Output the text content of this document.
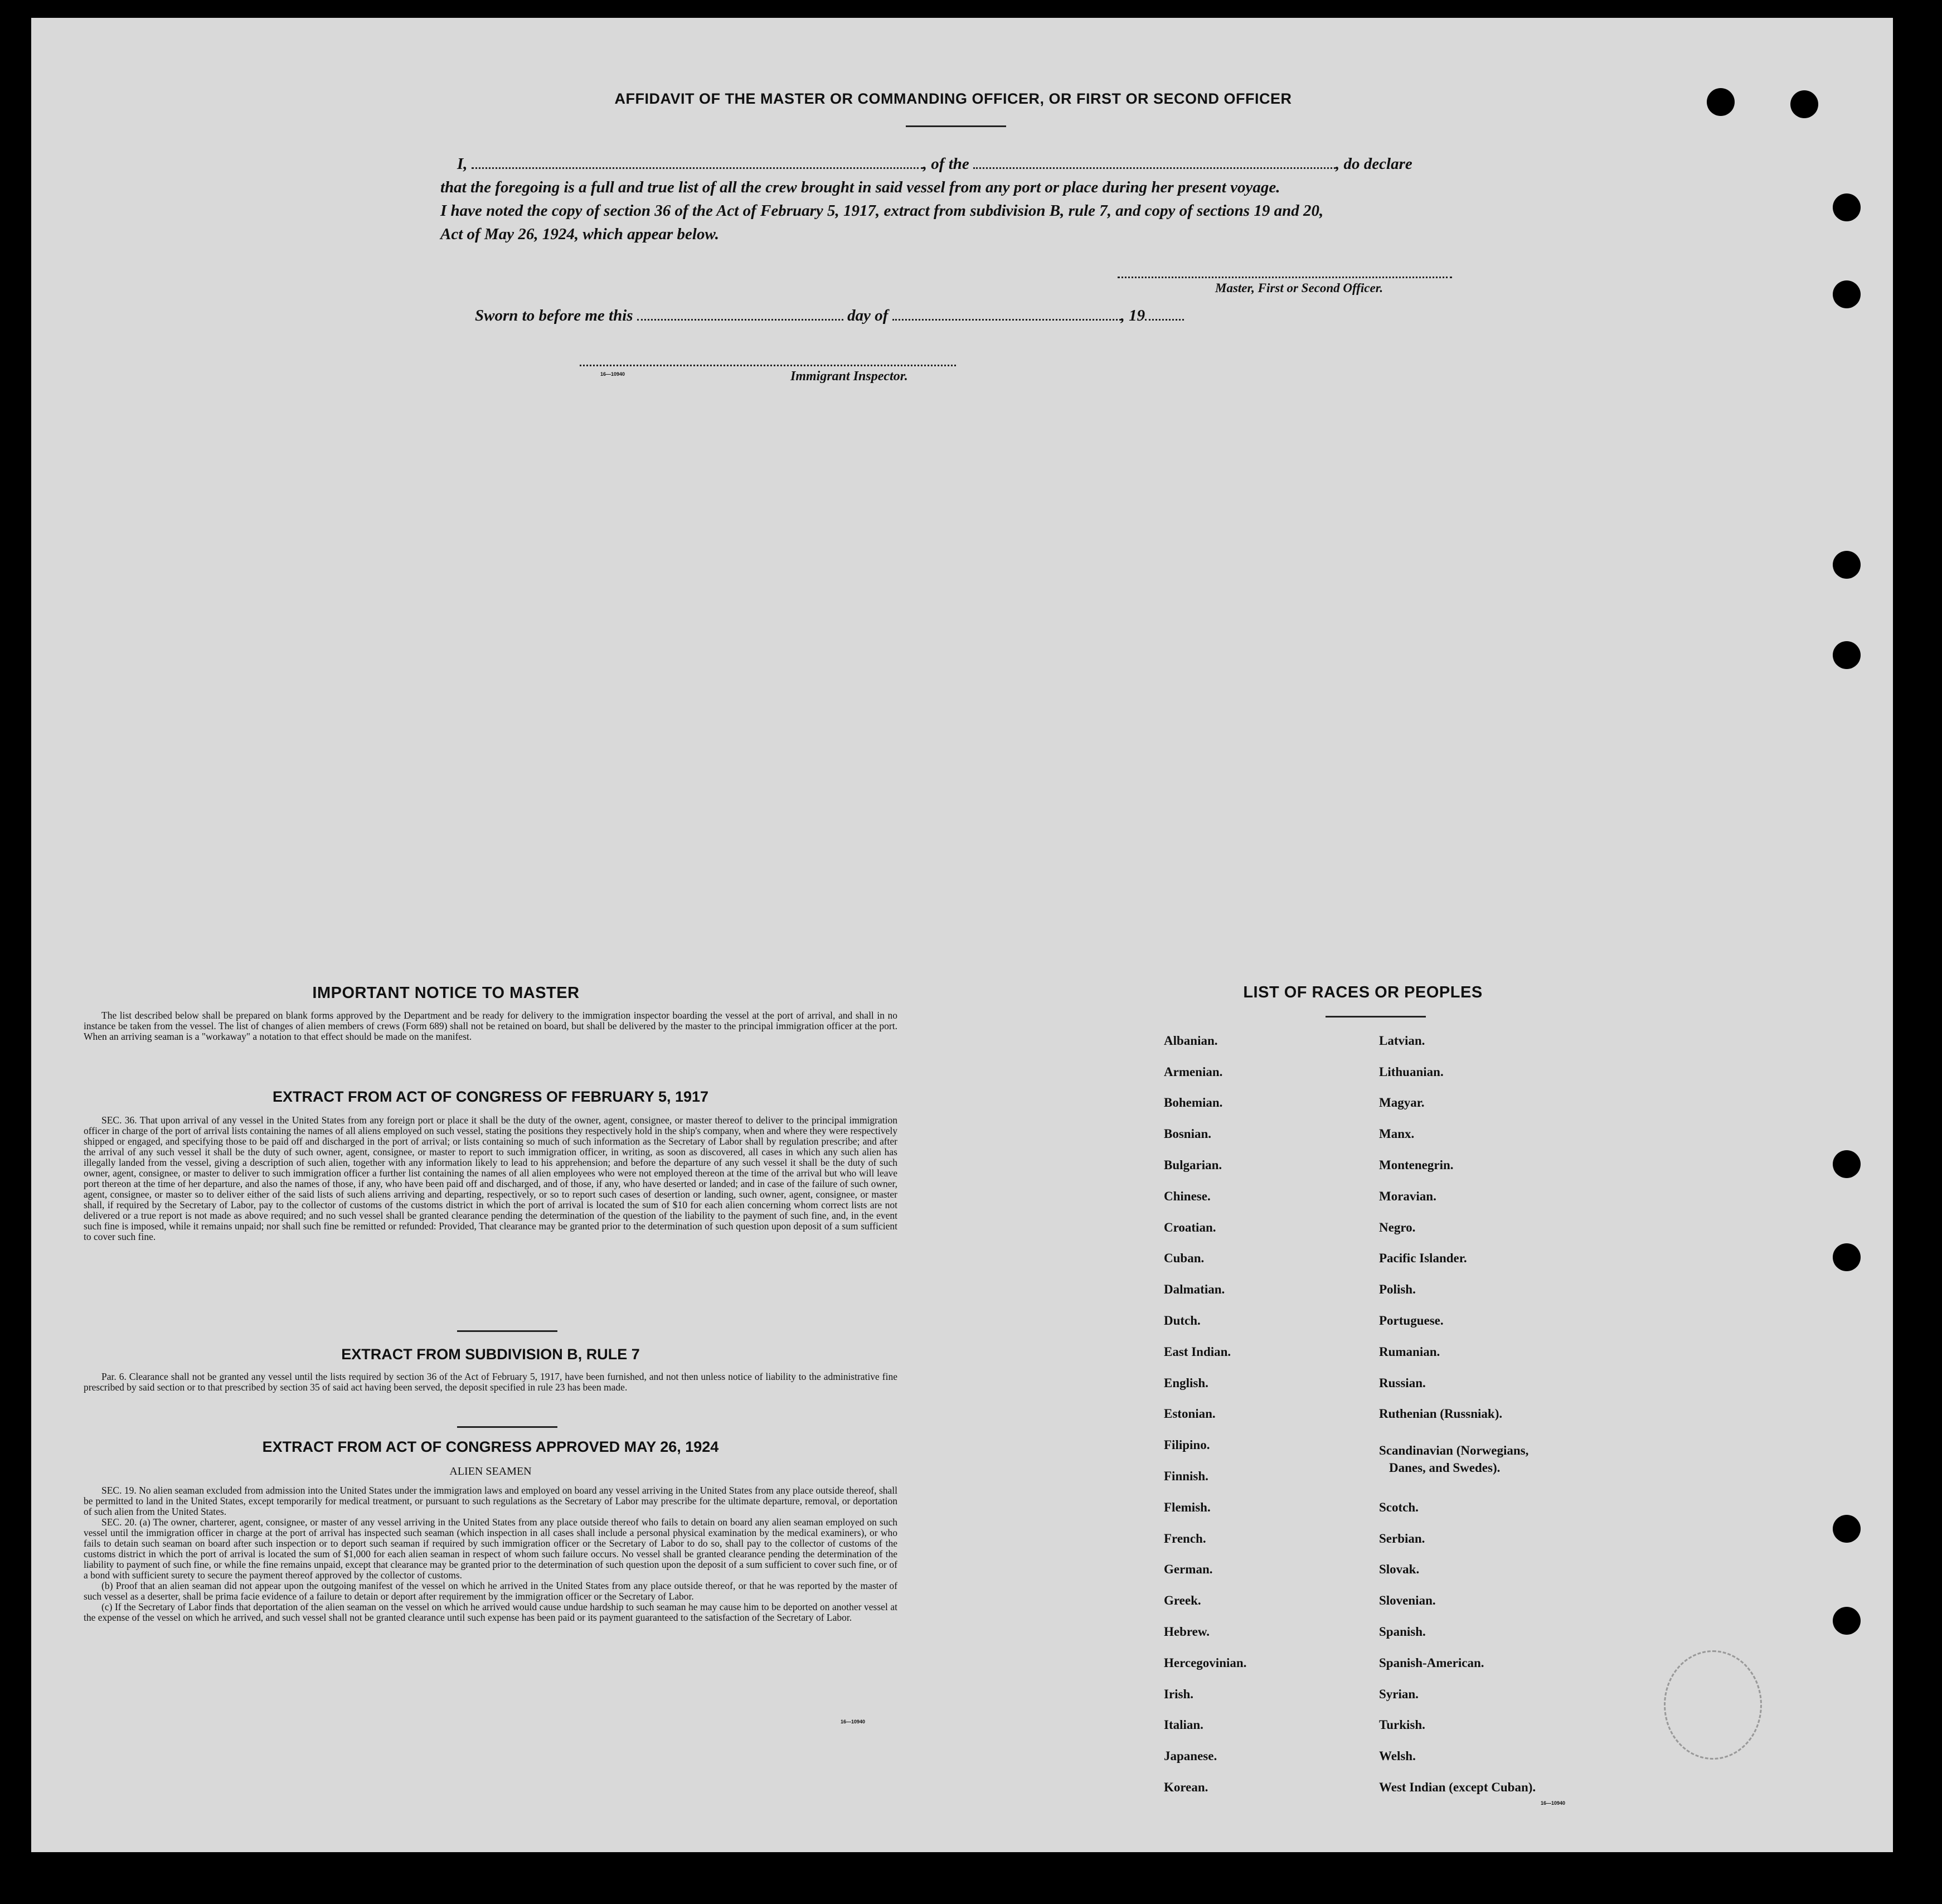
AFFIDAVIT OF THE MASTER OR COMMANDING OFFICER, OR FIRST OR SECOND OFFICER
I,	, of the	, do declare
that the foregoing is a full and true list of all the crew brought in said vessel from any port or place during her present voyage.
I have noted the copy of section 36 of the Act of February 5, 1917, extract from subdivision B, rule 7, and copy of sections 19 and 20,
Act of May 26, 1924, which appear below.
Master, First or Second Officer.
Sworn to before me this	day of	, 19
16—10940	Immigrant Inspector.
IMPORTANT NOTICE TO MASTER
The list described below shall be prepared on blank forms approved by the Department and be ready for delivery to the immigration inspector boarding the vessel at the port of arrival, and shall in no instance be taken from the vessel. The list of changes of alien members of crews (Form 689) shall not be retained on board, but shall be delivered by the master to the principal immigration officer at the port. When an arriving seaman is a "workaway" a notation to that effect should be made on the manifest.
EXTRACT FROM ACT OF CONGRESS OF FEBRUARY 5, 1917
SEC. 36. That upon arrival of any vessel in the United States from any foreign port or place it shall be the duty of the owner, agent, consignee, or master thereof to deliver to the principal immigration officer in charge of the port of arrival lists containing the names of all aliens employed on such vessel, stating the positions they respectively hold in the ship's company, when and where they were respectively shipped or engaged, and specifying those to be paid off and discharged in the port of arrival; or lists containing so much of such information as the Secretary of Labor shall by regulation prescribe; and after the arrival of any such vessel it shall be the duty of such owner, agent, consignee, or master to report to such immigration officer, in writing, as soon as discovered, all cases in which any such alien has illegally landed from the vessel, giving a description of such alien, together with any information likely to lead to his apprehension; and before the departure of any such vessel it shall be the duty of such owner, agent, consignee, or master to deliver to such immigration officer a further list containing the names of all alien employees who were not employed thereon at the time of the arrival but who will leave port thereon at the time of her departure, and also the names of those, if any, who have been paid off and discharged, and of those, if any, who have deserted or landed; and in case of the failure of such owner, agent, consignee, or master so to deliver either of the said lists of such aliens arriving and departing, respectively, or so to report such cases of desertion or landing, such owner, agent, consignee, or master shall, if required by the Secretary of Labor, pay to the collector of customs of the customs district in which the port of arrival is located the sum of $10 for each alien concerning whom correct lists are not delivered or a true report is not made as above required; and no such vessel shall be granted clearance pending the determination of the question of the liability to the payment of such fine, and, in the event such fine is imposed, while it remains unpaid; nor shall such fine be remitted or refunded: Provided, That clearance may be granted prior to the determination of such question upon deposit of a sum sufficient to cover such fine.
EXTRACT FROM SUBDIVISION B, RULE 7
Par. 6. Clearance shall not be granted any vessel until the lists required by section 36 of the Act of February 5, 1917, have been furnished, and not then unless notice of liability to the administrative fine prescribed by said section or to that prescribed by section 35 of said act having been served, the deposit specified in rule 23 has been made.
EXTRACT FROM ACT OF CONGRESS APPROVED MAY 26, 1924
ALIEN SEAMEN
SEC. 19. No alien seaman excluded from admission into the United States under the immigration laws and employed on board any vessel arriving in the United States from any place outside thereof, shall be permitted to land in the United States, except temporarily for medical treatment, or pursuant to such regulations as the Secretary of Labor may prescribe for the ultimate departure, removal, or deportation of such alien from the United States.
SEC. 20. (a) The owner, charterer, agent, consignee, or master of any vessel arriving in the United States from any place outside thereof who fails to detain on board any alien seaman employed on such vessel until the immigration officer in charge at the port of arrival has inspected such seaman (which inspection in all cases shall include a personal physical examination by the medical examiners), or who fails to detain such seaman on board after such inspection or to deport such seaman if required by such immigration officer or the Secretary of Labor to do so, shall pay to the collector of customs of the customs district in which the port of arrival is located the sum of $1,000 for each alien seaman in respect of whom such failure occurs. No vessel shall be granted clearance pending the determination of the liability to payment of such fine, or while the fine remains unpaid, except that clearance may be granted prior to the determination of such question upon the deposit of a sum sufficient to cover such fine, or of a bond with sufficient surety to secure the payment thereof approved by the collector of customs.
(b) Proof that an alien seaman did not appear upon the outgoing manifest of the vessel on which he arrived in the United States from any place outside thereof, or that he was reported by the master of such vessel as a deserter, shall be prima facie evidence of a failure to detain or deport after requirement by the immigration officer or the Secretary of Labor.
(c) If the Secretary of Labor finds that deportation of the alien seaman on the vessel on which he arrived would cause undue hardship to such seaman he may cause him to be deported on another vessel at the expense of the vessel on which he arrived, and such vessel shall not be granted clearance until such expense has been paid or its payment guaranteed to the satisfaction of the Secretary of Labor.
16—10940
LIST OF RACES OR PEOPLES
Albanian.
Armenian.
Bohemian.
Bosnian.
Bulgarian.
Chinese.
Croatian.
Cuban.
Dalmatian.
Dutch.
East Indian.
English.
Estonian.
Filipino.
Finnish.
Flemish.
French.
German.
Greek.
Hebrew.
Hercegovinian.
Irish.
Italian.
Japanese.
Korean.
Latvian.
Lithuanian.
Magyar.
Manx.
Montenegrin.
Moravian.
Negro.
Pacific Islander.
Polish.
Portuguese.
Rumanian.
Russian.
Ruthenian (Russniak).
Scandinavian (Norwegians,
Danes, and Swedes).
Scotch.
Serbian.
Slovak.
Slovenian.
Spanish.
Spanish-American.
Syrian.
Turkish.
Welsh.
West Indian (except Cuban).
16—10940
